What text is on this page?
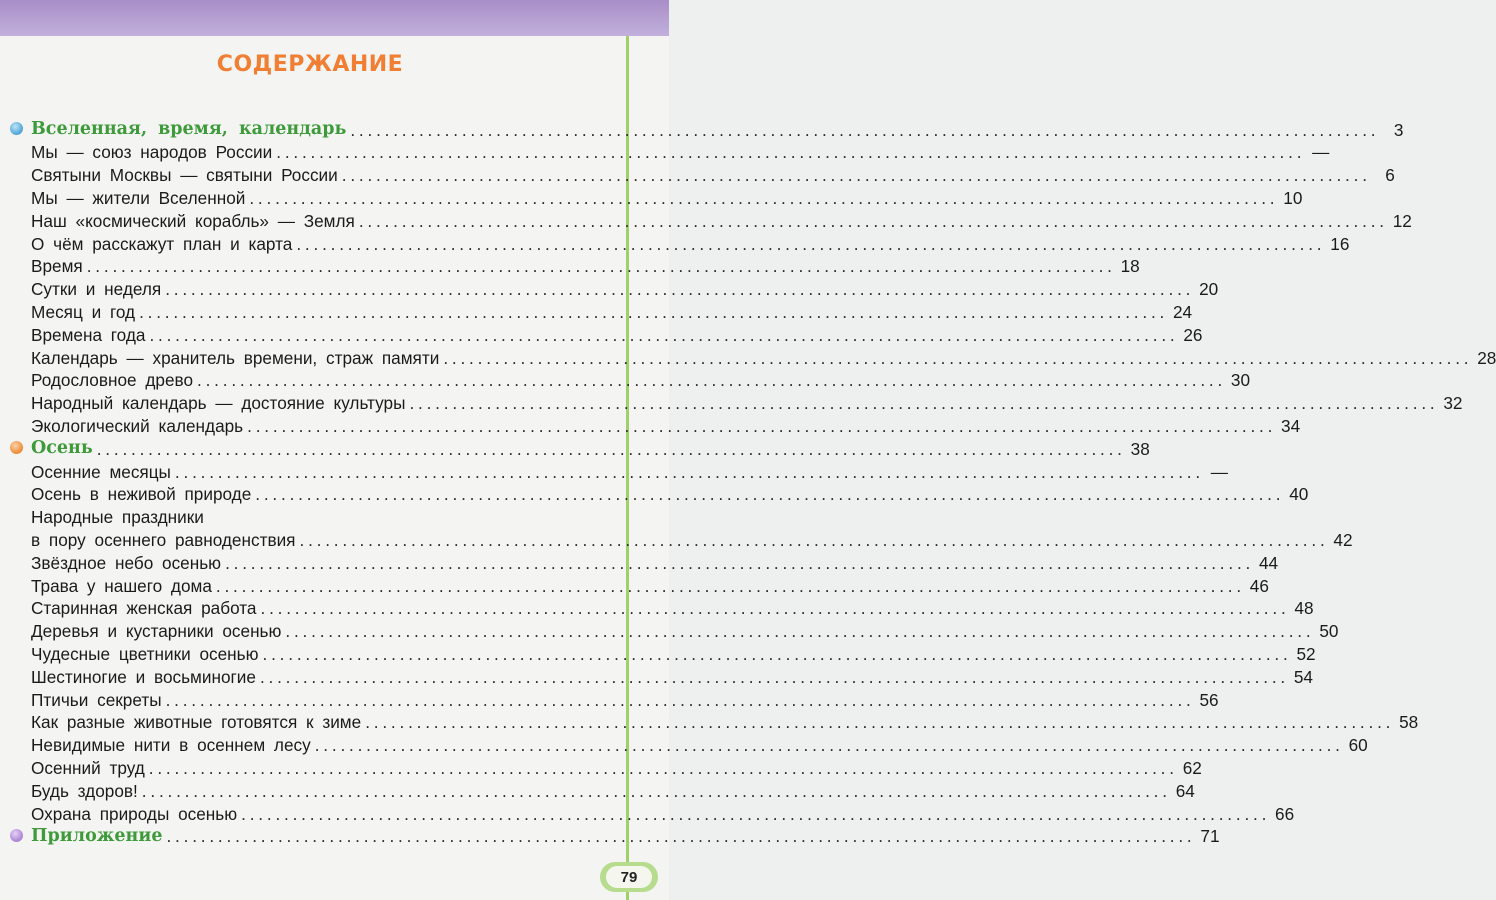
СОДЕРЖАНИЕ
Вселенная, время, календарь ........................................................................................................................ 3
Мы — союз народов России ........................................................................................................................ —
Святыни Москвы — святыни России ........................................................................................................................ 6
Мы — жители Вселенной ........................................................................................................................ 10
Наш «космический корабль» — Земля ........................................................................................................................ 12
О чём расскажут план и карта ........................................................................................................................ 16
Время ........................................................................................................................ 18
Сутки и неделя ........................................................................................................................ 20
Месяц и год ........................................................................................................................ 24
Времена года ........................................................................................................................ 26
Календарь — хранитель времени, страж памяти ........................................................................................................................ 28
Родословное древо ........................................................................................................................ 30
Народный календарь — достояние культуры ........................................................................................................................ 32
Экологический календарь ........................................................................................................................ 34
Осень ........................................................................................................................ 38
Осенние месяцы ........................................................................................................................ —
Осень в неживой природе ........................................................................................................................ 40
Народные праздники
в пору осеннего равноденствия ........................................................................................................................ 42
Звёздное небо осенью ........................................................................................................................ 44
Трава у нашего дома ........................................................................................................................ 46
Старинная женская работа ........................................................................................................................ 48
Деревья и кустарники осенью ........................................................................................................................ 50
Чудесные цветники осенью ........................................................................................................................ 52
Шестиногие и восьминогие ........................................................................................................................ 54
Птичьи секреты ........................................................................................................................ 56
Как разные животные готовятся к зиме ........................................................................................................................ 58
Невидимые нити в осеннем лесу ........................................................................................................................ 60
Осенний труд ........................................................................................................................ 62
Будь здоров! ........................................................................................................................ 64
Охрана природы осенью ........................................................................................................................ 66
Приложение ........................................................................................................................ 71
79
